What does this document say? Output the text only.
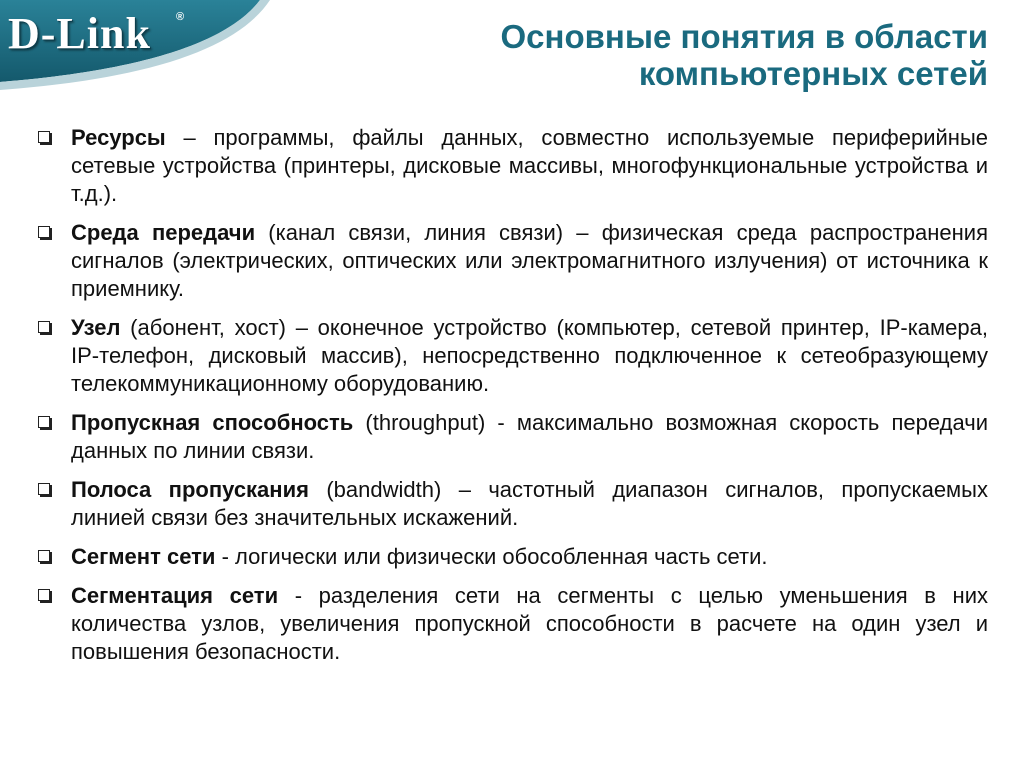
D-Link ®
Основные понятия в области
компьютерных сетей
Ресурсы – программы, файлы данных, совместно используемые периферийные сетевые устройства (принтеры, дисковые массивы, многофункциональные устройства и т.д.).
Среда передачи (канал связи, линия связи) – физическая среда распространения сигналов (электрических, оптических или электромагнитного излучения) от источника к приемнику.
Узел (абонент, хост) – оконечное устройство (компьютер, сетевой принтер, IP-камера, IP-телефон, дисковый массив), непосредственно подключенное к сетеобразующему телекоммуникационному оборудованию.
Пропускная способность (throughput) - максимально возможная скорость передачи данных по линии связи.
Полоса пропускания (bandwidth) – частотный диапазон сигналов, пропускаемых линией связи без значительных искажений.
Сегмент сети - логически или физически обособленная часть сети.
Сегментация сети - разделения сети на сегменты с целью уменьшения в них количества узлов, увеличения пропускной способности в расчете на один узел и повышения безопасности.
